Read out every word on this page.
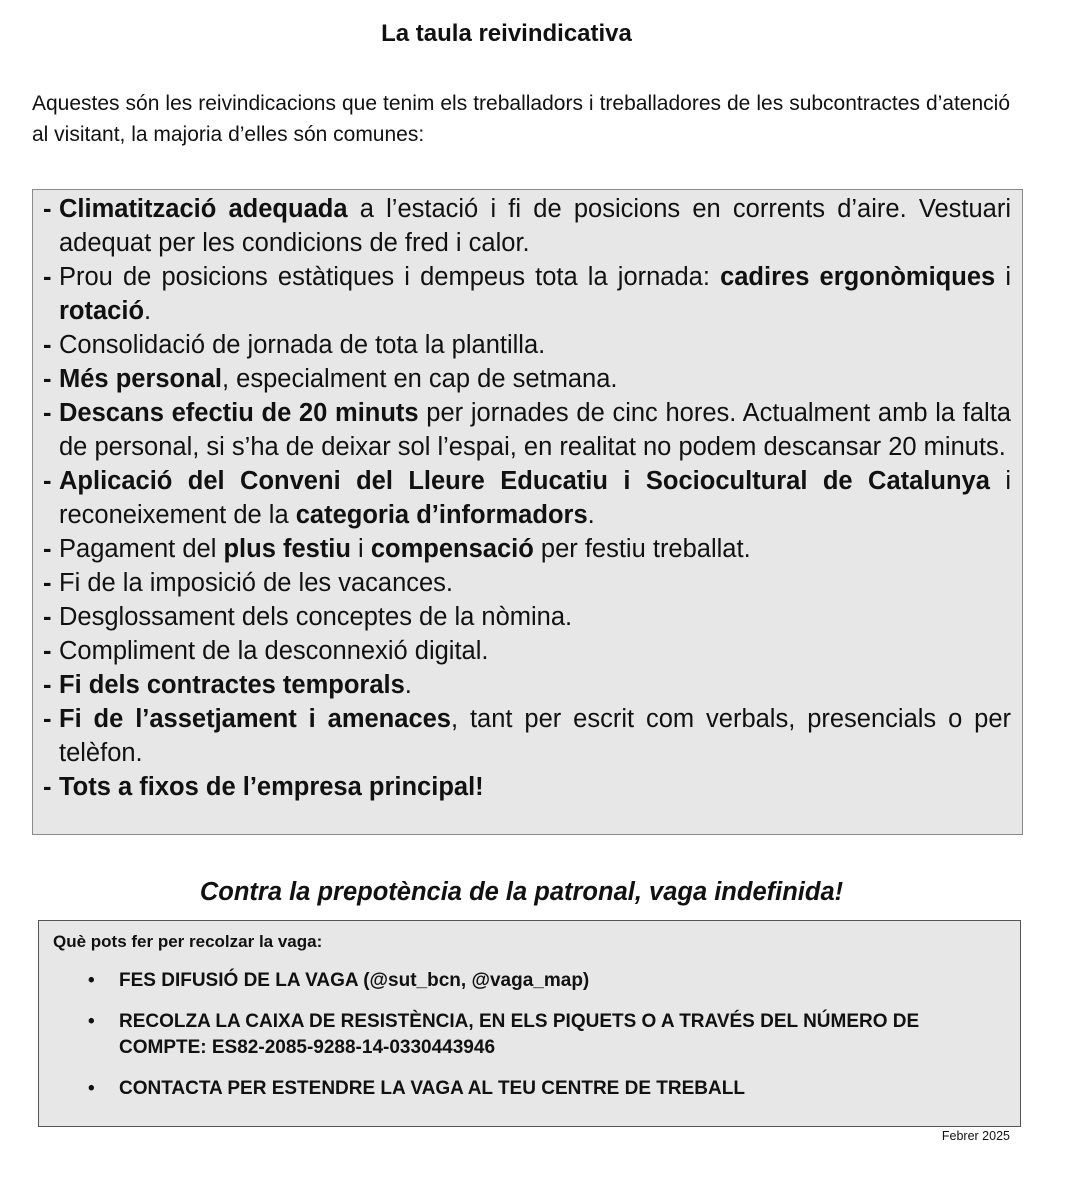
La taula reivindicativa

Aquestes són les reivindicacions que tenim els treballadors i treballadores de les subcontractes d’atenció al visitant, la majoria d’elles són comunes:

- Climatització adequada a l’estació i fi de posicions en corrents d’aire. Vestuari adequat per les condicions de fred i calor.
- Prou de posicions estàtiques i dempeus tota la jornada: cadires ergonòmiques i rotació.
- Consolidació de jornada de tota la plantilla.
- Més personal, especialment en cap de setmana.
- Descans efectiu de 20 minuts per jornades de cinc hores. Actualment amb la falta de personal, si s’ha de deixar sol l’espai, en realitat no podem descansar 20 minuts.
- Aplicació del Conveni del Lleure Educatiu i Sociocultural de Catalunya i reconeixement de la categoria d’informadors.
- Pagament del plus festiu i compensació per festiu treballat.
- Fi de la imposició de les vacances.
- Desglossament dels conceptes de la nòmina.
- Compliment de la desconnexió digital.
- Fi dels contractes temporals.
- Fi de l’assetjament i amenaces, tant per escrit com verbals, presencials o per telèfon.
- Tots a fixos de l’empresa principal!
Contra la prepotència de la patronal, vaga indefinida!
Què pots fer per recolzar la vaga:
• FES DIFUSIÓ DE LA VAGA (@sut_bcn, @vaga_map)
• RECOLZA LA CAIXA DE RESISTÈNCIA, EN ELS PIQUETS O A TRAVÉS DEL NÚMERO DE COMPTE: ES82-2085-9288-14-0330443946
• CONTACTA PER ESTENDRE LA VAGA AL TEU CENTRE DE TREBALL
Febrer 2025
